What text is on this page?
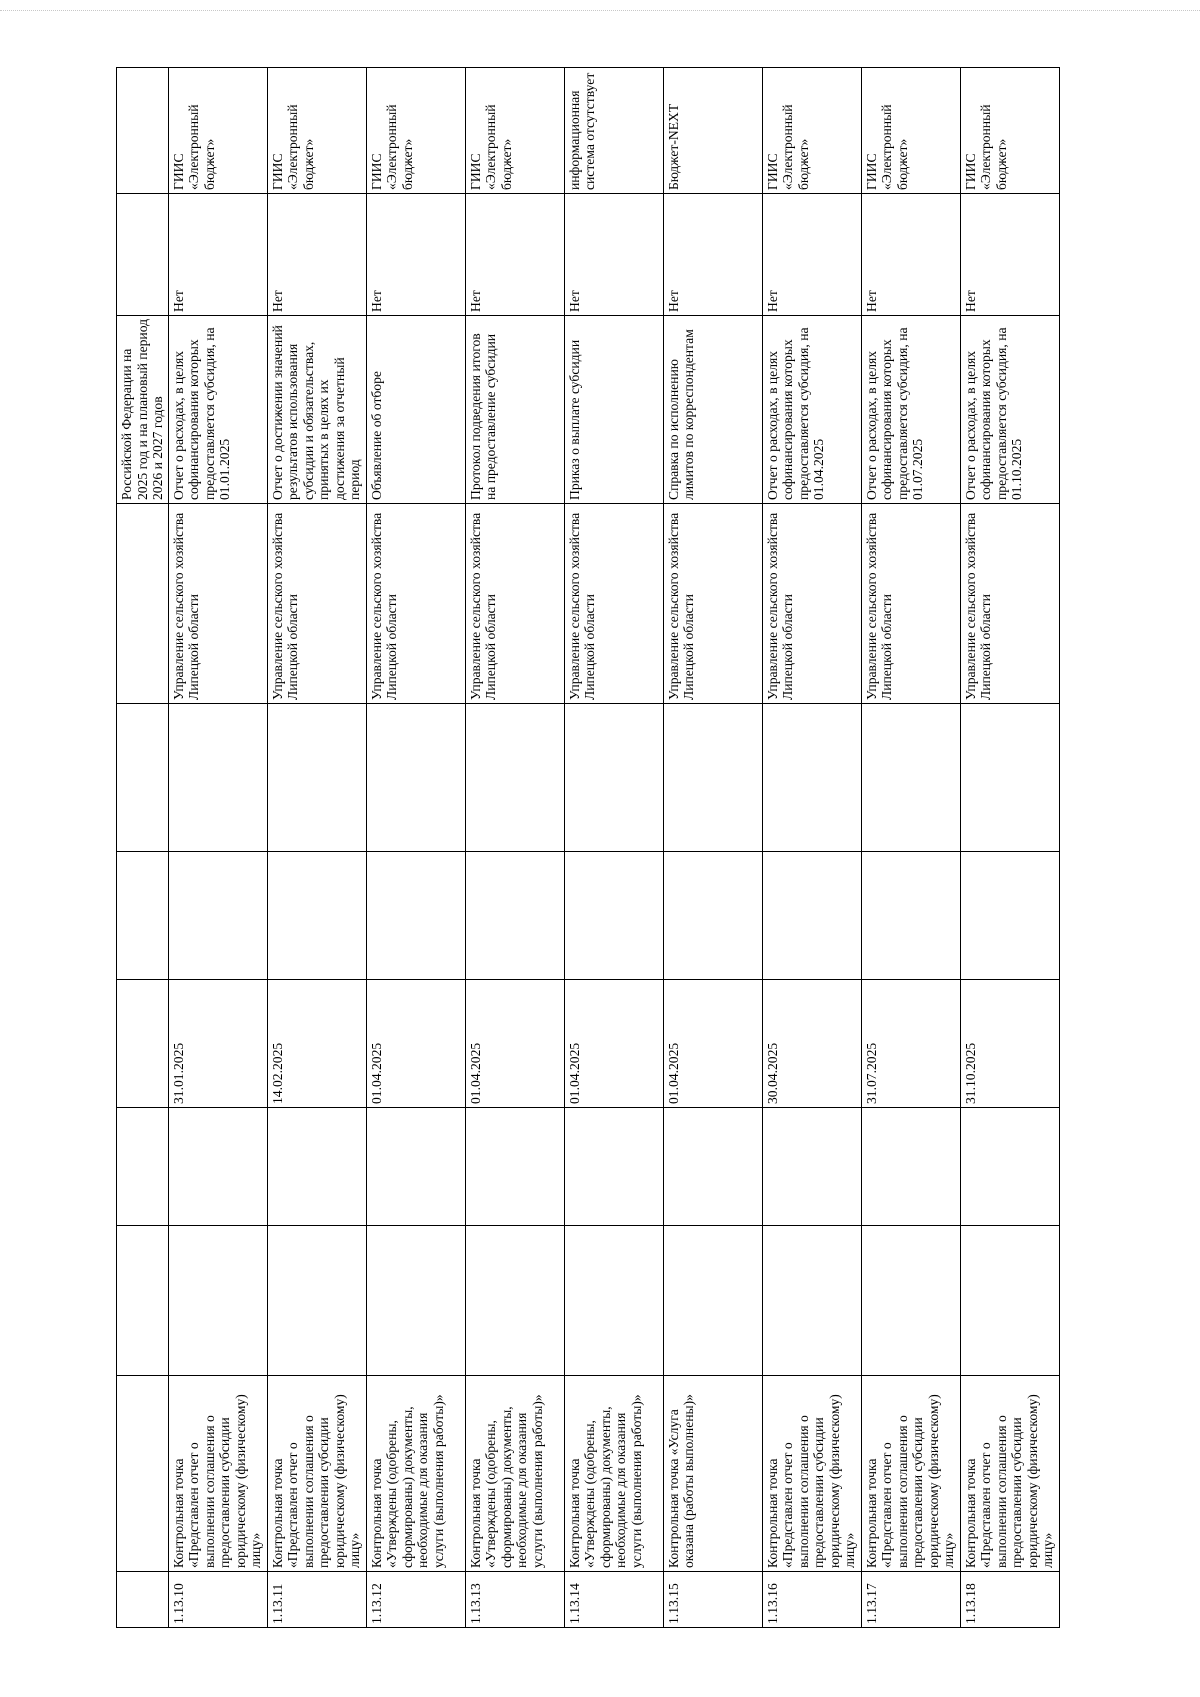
								Российской Федерации на 2025 год и на плановый период 2026 и 2027 годов		
1.13.10	Контрольная точка «Представлен отчет о выполнении соглашения о предоставлении субсидии юридическому (физическому) лицу»			31.01.2025			Управление сельского хозяйства Липецкой области	Отчет о расходах, в целях софинансирования которых предоставляется субсидия, на 01.01.2025	Нет	ГИИС «Электронный бюджет»
1.13.11	Контрольная точка «Представлен отчет о выполнении соглашения о предоставлении субсидии юридическому (физическому) лицу»			14.02.2025			Управление сельского хозяйства Липецкой области	Отчет о достижении значений результатов использования субсидии и обязательствах, принятых в целях их достижения за отчетный период	Нет	ГИИС «Электронный бюджет»
1.13.12	Контрольная точка «Утверждены (одобрены, сформированы) документы, необходимые для оказания услуги (выполнения работы)»			01.04.2025			Управление сельского хозяйства Липецкой области	Объявление об отборе	Нет	ГИИС «Электронный бюджет»
1.13.13	Контрольная точка «Утверждены (одобрены, сформированы) документы, необходимые для оказания услуги (выполнения работы)»			01.04.2025			Управление сельского хозяйства Липецкой области	Протокол подведения итогов на предоставление субсидии	Нет	ГИИС «Электронный бюджет»
1.13.14	Контрольная точка «Утверждены (одобрены, сформированы) документы, необходимые для оказания услуги (выполнения работы)»			01.04.2025			Управление сельского хозяйства Липецкой области	Приказ о выплате субсидии	Нет	информационная система отсутствует
1.13.15	Контрольная точка «Услуга оказана (работы выполнены)»			01.04.2025			Управление сельского хозяйства Липецкой области	Справка по исполнению лимитов по корреспондентам	Нет	Бюджет-NEXT
1.13.16	Контрольная точка «Представлен отчет о выполнении соглашения о предоставлении субсидии юридическому (физическому) лицу»			30.04.2025			Управление сельского хозяйства Липецкой области	Отчет о расходах, в целях софинансирования которых предоставляется субсидия, на 01.04.2025	Нет	ГИИС «Электронный бюджет»
1.13.17	Контрольная точка «Представлен отчет о выполнении соглашения о предоставлении субсидии юридическому (физическому) лицу»			31.07.2025			Управление сельского хозяйства Липецкой области	Отчет о расходах, в целях софинансирования которых предоставляется субсидия, на 01.07.2025	Нет	ГИИС «Электронный бюджет»
1.13.18	Контрольная точка «Представлен отчет о выполнении соглашения о предоставлении субсидии юридическому (физическому) лицу»			31.10.2025			Управление сельского хозяйства Липецкой области	Отчет о расходах, в целях софинансирования которых предоставляется субсидия, на 01.10.2025	Нет	ГИИС «Электронный бюджет»
